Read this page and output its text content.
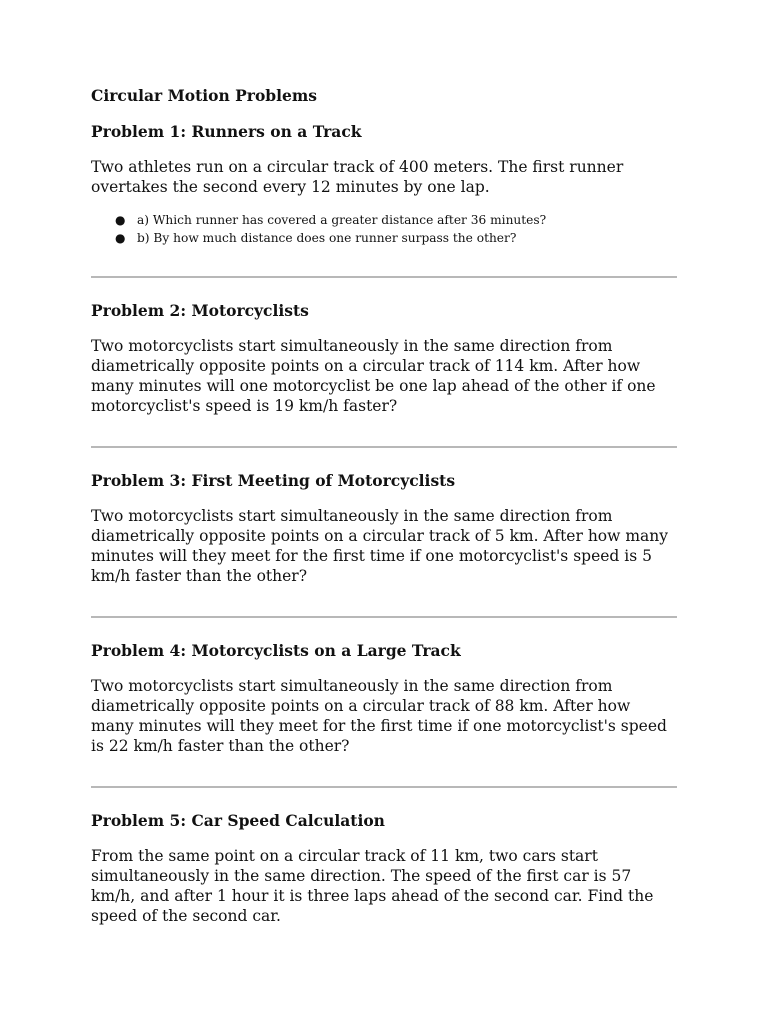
Circular Motion Problems
Problem 1: Runners on a Track

Two athletes run on a circular track of 400 meters. The first runner overtakes the second every 12 minutes by one lap.

● a) Which runner has covered a greater distance after 36 minutes?
● b) By how much distance does one runner surpass the other?
Problem 2: Motorcyclists

Two motorcyclists start simultaneously in the same direction from diametrically opposite points on a circular track of 114 km. After how many minutes will one motorcyclist be one lap ahead of the other if one motorcyclist's speed is 19 km/h faster?

Problem 3: First Meeting of Motorcyclists

Two motorcyclists start simultaneously in the same direction from diametrically opposite points on a circular track of 5 km. After how many minutes will they meet for the first time if one motorcyclist's speed is 5 km/h faster than the other?

Problem 4: Motorcyclists on a Large Track

Two motorcyclists start simultaneously in the same direction from diametrically opposite points on a circular track of 88 km. After how many minutes will they meet for the first time if one motorcyclist's speed is 22 km/h faster than the other?

Problem 5: Car Speed Calculation

From the same point on a circular track of 11 km, two cars start simultaneously in the same direction. The speed of the first car is 57 km/h, and after 1 hour it is three laps ahead of the second car. Find the speed of the second car.
